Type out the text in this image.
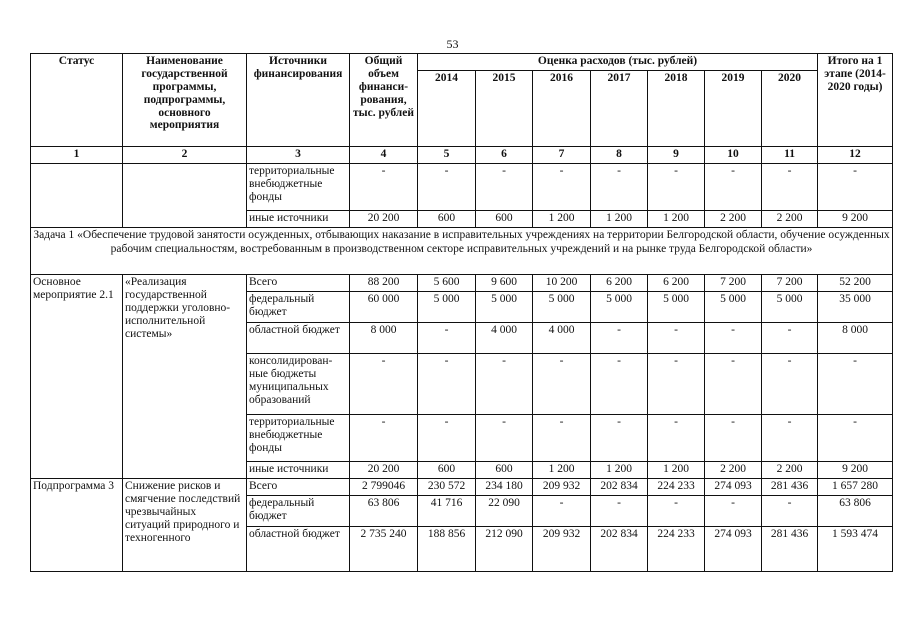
53
Статус	Наименование государственной программы, подпрограммы, основного мероприятия	Источники финансирования	Общий объем финанси-рования, тыс. рублей	Оценка расходов (тыс. рублей)							Итого на 1 этапе (2014-2020 годы)
				2014	2015	2016	2017	2018	2019	2020	
1	2	3	4	5	6	7	8	9	10	11	12
		территориальные внебюджетные фонды	-	-	-	-	-	-	-	-	-
		иные источники	20 200	600	600	1 200	1 200	1 200	2 200	2 200	9 200
Задача 1 «Обеспечение трудовой занятости осужденных, отбывающих наказание в исправительных учреждениях на территории Белгородской области, обучение осужденных рабочим специальностям, востребованным в производственном секторе исправительных учреждений и на рынке труда Белгородской области»											
Основное мероприятие 2.1	«Реализация государственной поддержки уголовно-исполнительной системы»	Всего	88 200	5 600	9 600	10 200	6 200	6 200	7 200	7 200	52 200
		федеральный бюджет	60 000	5 000	5 000	5 000	5 000	5 000	5 000	5 000	35 000
		областной бюджет	8 000	-	4 000	4 000	-	-	-	-	8 000
		консолидирован-ные бюджеты муниципальных образований	-	-	-	-	-	-	-	-	-
		территориальные внебюджетные фонды	-	-	-	-	-	-	-	-	-
		иные источники	20 200	600	600	1 200	1 200	1 200	2 200	2 200	9 200
Подпрограмма 3	Снижение рисков и смягчение последствий чрезвычайных ситуаций природного и техногенного	Всего	2 799046	230 572	234 180	209 932	202 834	224 233	274 093	281 436	1 657 280
		федеральный бюджет	63 806	41 716	22 090	-	-	-	-	-	63 806
		областной бюджет	2 735 240	188 856	212 090	209 932	202 834	224 233	274 093	281 436	1 593 474
